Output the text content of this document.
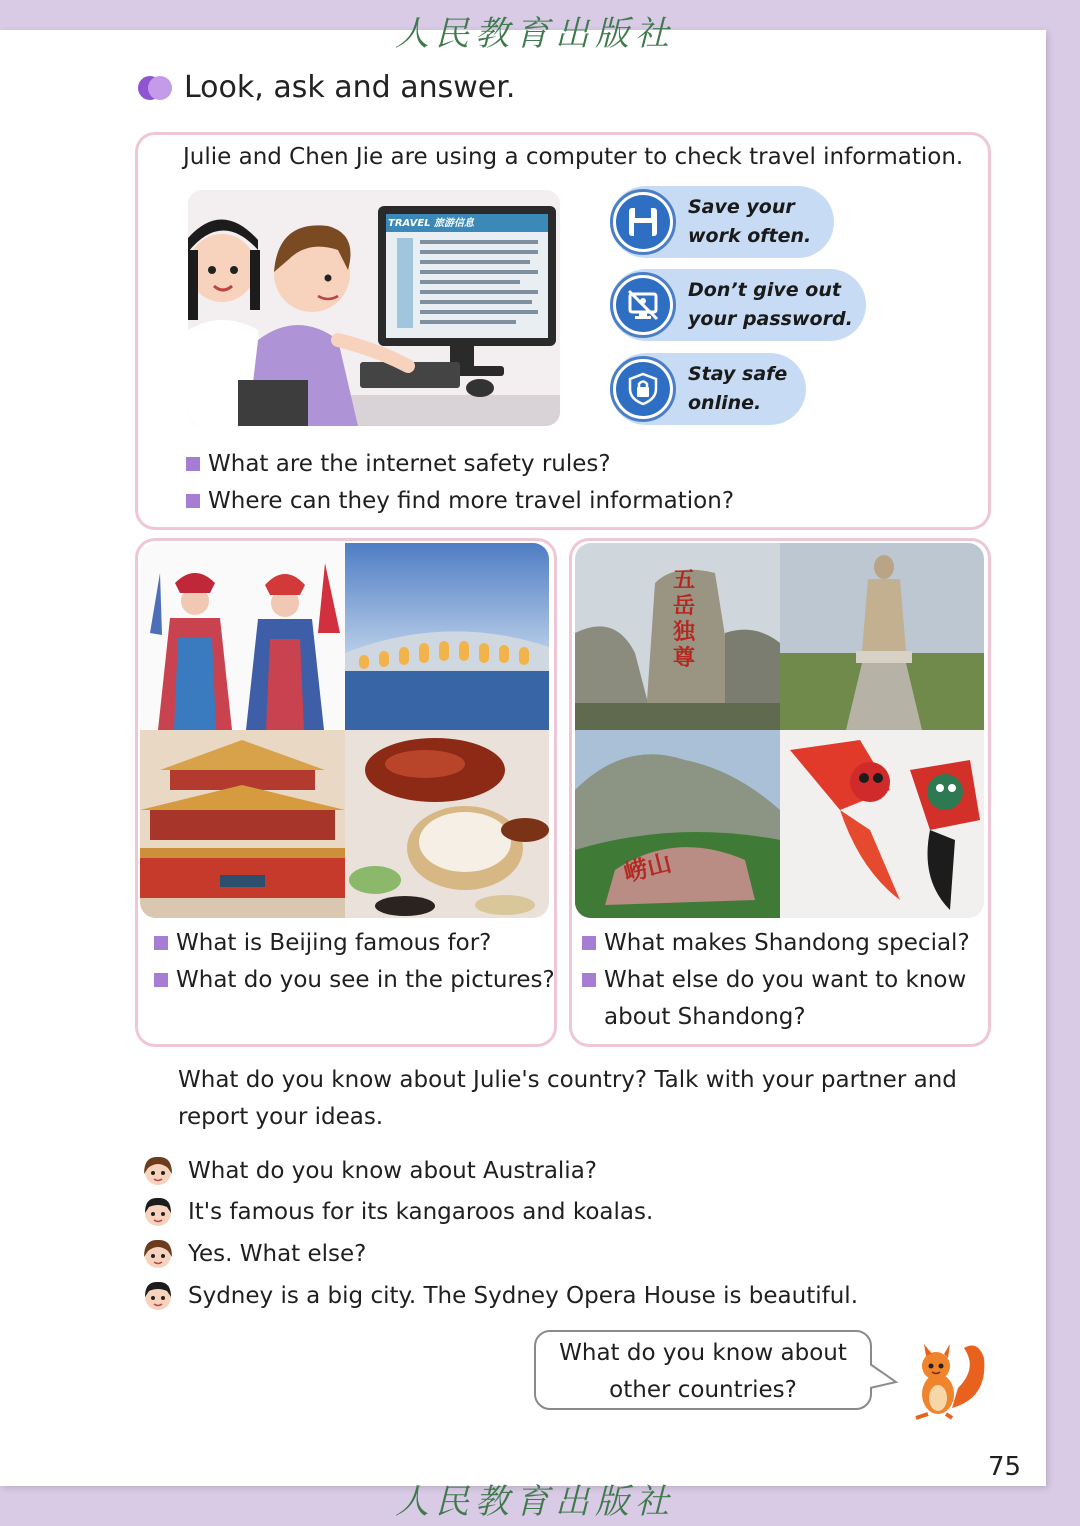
人民教育出版社
Look, ask and answer.
Julie and Chen Jie are using a computer to check travel information.
TRAVEL 旅游信息
Save your
work often.
Don’t give out
your password.
Stay safe
online.
What are the internet safety rules?
Where can they find more travel information?
What is Beijing famous for?
What do you see in the pictures?
五岳独尊
崂山
What makes Shandong special?
What else do you want to know
about Shandong?
What do you know about Julie's country? Talk with your partner and report your ideas.
What do you know about Australia?
It's famous for its kangaroos and koalas.
Yes. What else?
Sydney is a big city. The Sydney Opera House is beautiful.
What do you know about
other countries?
75
人民教育出版社
